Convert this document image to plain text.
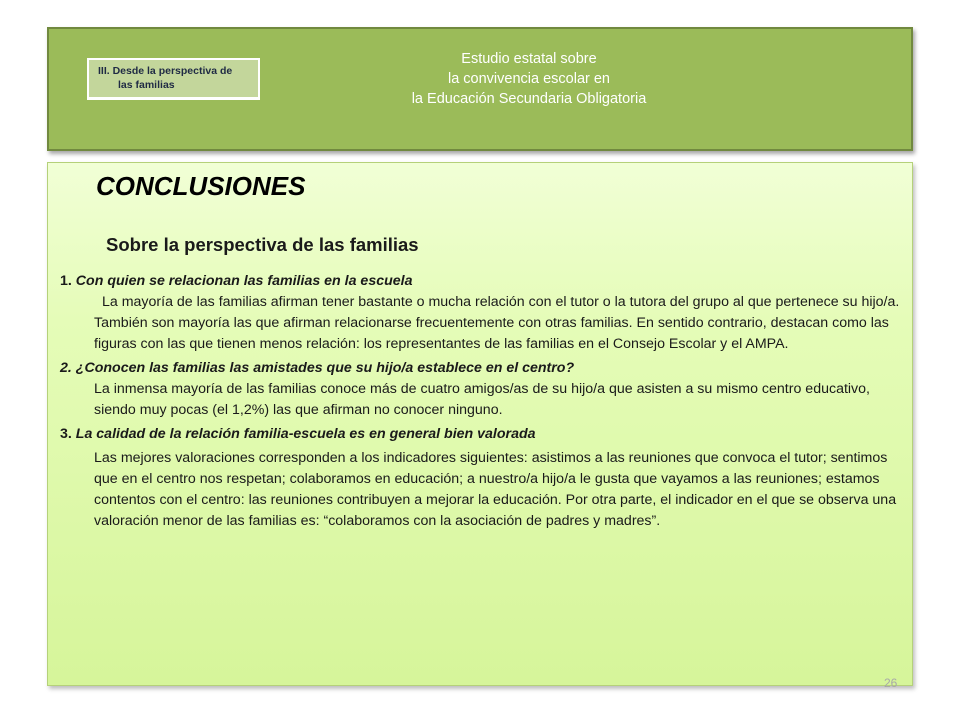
III. Desde la perspectiva de
las familias
Estudio estatal sobre
la convivencia escolar en
la Educación Secundaria Obligatoria
CONCLUSIONES
Sobre la perspectiva de las familias

1. Con quien se relacionan las familias en la escuela

La mayoría de las familias afirman tener bastante o mucha relación con el tutor o la tutora del grupo al que pertenece su hijo/a. También son mayoría las que afirman relacionarse frecuentemente con otras familias. En sentido contrario, destacan como las figuras con las que tienen menos relación: los representantes de las familias en el Consejo Escolar y el AMPA.

2. ¿Conocen las familias las amistades que su hijo/a establece en el centro?

La inmensa mayoría de las familias conoce más de cuatro amigos/as de su hijo/a que asisten a su mismo centro educativo, siendo muy pocas (el 1,2%) las que afirman no conocer ninguno.

3. La calidad de la relación familia-escuela es en general bien valorada

Las mejores valoraciones corresponden a los indicadores siguientes: asistimos a las reuniones que convoca el tutor; sentimos que en el centro nos respetan; colaboramos en educación; a nuestro/a hijo/a le gusta que vayamos a las reuniones; estamos contentos con el centro: las reuniones contribuyen a mejorar la educación. Por otra parte, el indicador en el que se observa una valoración menor de las familias es: “colaboramos con la asociación de padres y madres”.

26
